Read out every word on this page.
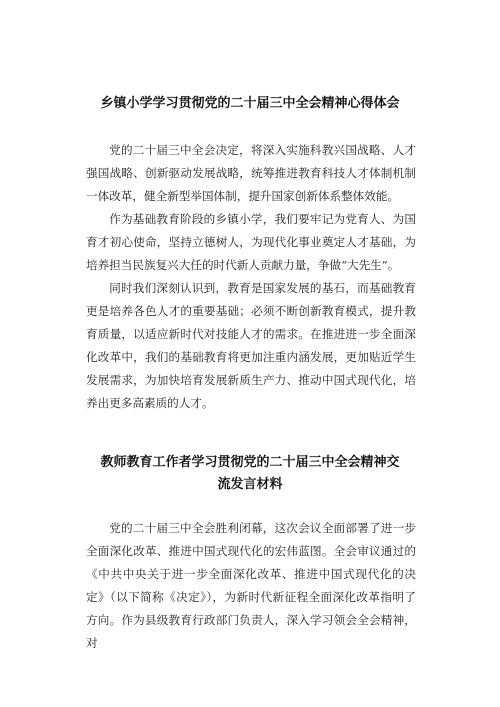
乡镇小学学习贯彻党的二十届三中全会精神心得体会

党的二十届三中全会决定，将深入实施科教兴国战略、人才强国战略、创新驱动发展战略，统筹推进教育科技人才体制机制一体改革，健全新型举国体制，提升国家创新体系整体效能。

作为基础教育阶段的乡镇小学，我们要牢记为党育人、为国育才初心使命，坚持立德树人，为现代化事业奠定人才基础，为培养担当民族复兴大任的时代新人贡献力量，争做“大先生”。

同时我们深刻认识到，教育是国家发展的基石，而基础教育更是培养各色人才的重要基础；必须不断创新教育模式，提升教育质量，以适应新时代对技能人才的需求。在推进进一步全面深化改革中，我们的基础教育将更加注重内涵发展，更加贴近学生发展需求，为加快培育发展新质生产力、推动中国式现代化，培养出更多高素质的人才。

教师教育工作者学习贯彻党的二十届三中全会精神交
流发言材料

党的二十届三中全会胜利闭幕，这次会议全面部署了进一步全面深化改革、推进中国式现代化的宏伟蓝图。全会审议通过的《中共中央关于进一步全面深化改革、推进中国式现代化的决定》（以下简称《决定》），为新时代新征程全面深化改革指明了方向。作为县级教育行政部门负责人，深入学习领会全会精神，对
